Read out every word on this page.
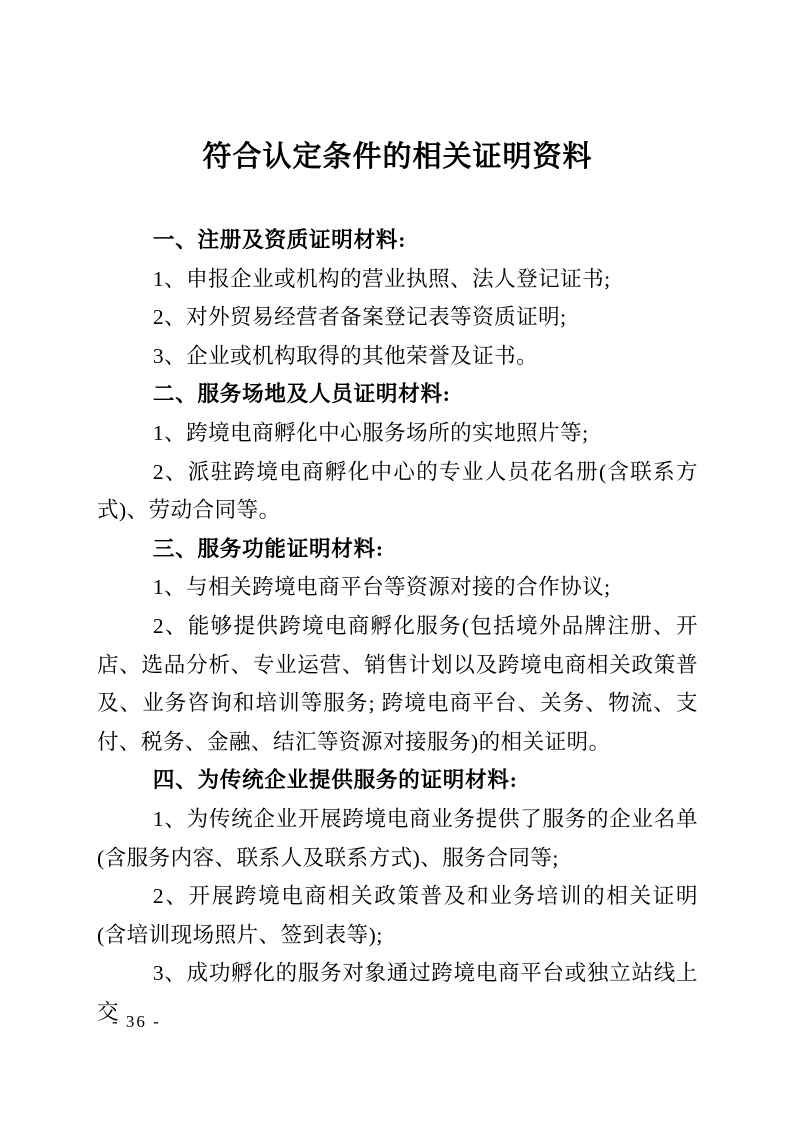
符合认定条件的相关证明资料

一、注册及资质证明材料:

1、申报企业或机构的营业执照、法人登记证书;

2、对外贸易经营者备案登记表等资质证明;

3、企业或机构取得的其他荣誉及证书。

二、服务场地及人员证明材料:

1、跨境电商孵化中心服务场所的实地照片等;

2、派驻跨境电商孵化中心的专业人员花名册(含联系方式)、劳动合同等。

三、服务功能证明材料:

1、与相关跨境电商平台等资源对接的合作协议;

2、能够提供跨境电商孵化服务(包括境外品牌注册、开店、选品分析、专业运营、销售计划以及跨境电商相关政策普及、业务咨询和培训等服务; 跨境电商平台、关务、物流、支付、税务、金融、结汇等资源对接服务)的相关证明。

四、为传统企业提供服务的证明材料:

1、为传统企业开展跨境电商业务提供了服务的企业名单(含服务内容、联系人及联系方式)、服务合同等;

2、开展跨境电商相关政策普及和业务培训的相关证明(含培训现场照片、签到表等);

3、成功孵化的服务对象通过跨境电商平台或独立站线上交

- 36 -
